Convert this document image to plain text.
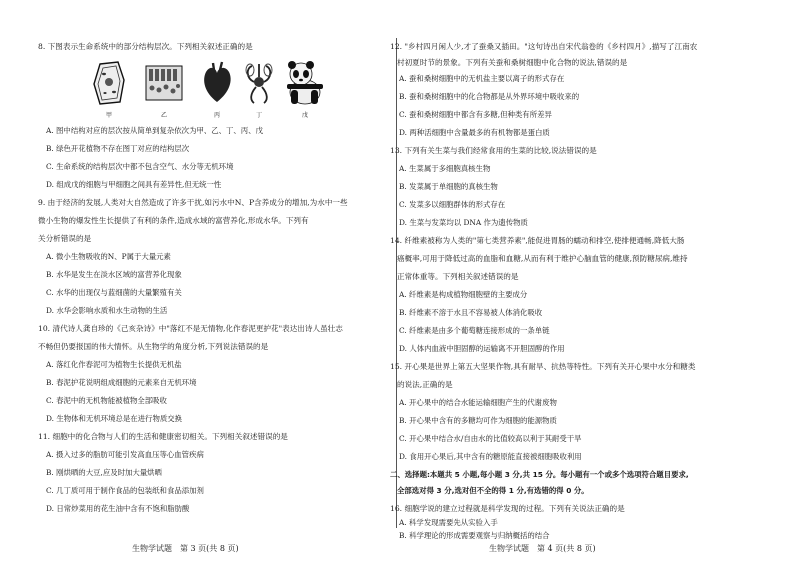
8. 下图表示生命系统中的部分结构层次。下列相关叙述正确的是
甲	乙	丙	丁	戊
A. 图中结构对应的层次按从简单到复杂依次为甲、乙、丁、丙、戊
B. 绿色开花植物不存在图丁对应的结构层次
C. 生命系统的结构层次中都不包含空气、水分等无机环境
D. 组成戊的细胞与甲细胞之间具有差异性,但无统一性
9. 由于经济的发展,人类对大自然造成了许多干扰,如污水中N、P含养成分的增加,为水中一些
微小生物的爆发性生长提供了有利的条件,造成水域的富营养化,形成水华。下列有
关分析错误的是
A. 微小生物吸收的N、P属于大量元素
B. 水华是发生在淡水区域的富营养化现象
C. 水华的出现仅与蓝细菌的大量繁殖有关
D. 水华会影响水质和水生动物的生活
10. 清代诗人龚自珍的《己亥杂诗》中"落红不是无情物,化作春泥更护花"表达出诗人虽壮志
不畅但仍要报国的伟大情怀。从生物学的角度分析,下列说法错误的是
A. 落红化作春泥可为植物生长提供无机盐
B. 春泥护花说明组成细胞的元素来自无机环境
C. 春泥中的无机物能被植物全部吸收
D. 生物体和无机环境总是在进行物质交换
11. 细胞中的化合物与人们的生活和健康密切相关。下列相关叙述错误的是
A. 摄入过多的脂肪可能引发高血压等心血管疾病
B. 刚烘晒的大豆,应及时加大量烘晒
C. 几丁质可用于制作食品的包装纸和食品添加剂
D. 日常炒菜用的花生油中含有不饱和脂肪酸
生物学试题　第 3 页(共 8 页)
12. "乡村四月闲人少,才了蚕桑又插田。"这句诗出自宋代翁卷的《乡村四月》,描写了江南农
村初夏时节的景象。下列有关蚕和桑树细胞中化合物的说法,错误的是
A. 蚕和桑树细胞中的无机盐主要以离子的形式存在
B. 蚕和桑树细胞中的化合物都是从外界环境中吸收来的
C. 蚕和桑树细胞中都含有多糖,但种类有所差异
D. 两种活细胞中含量最多的有机物都是蛋白质
13. 下列有关生菜与我们经常食用的生菜的比较,说法错误的是
A. 生菜属于多细胞真核生物
B. 发菜属于单细胞的真核生物
C. 发菜多以细胞群体的形式存在
D. 生菜与发菜均以 DNA 作为遗传物质
14. 纤维素被称为人类的"第七类营养素",能促进胃肠的蠕动和排空,使排便通畅,降低大肠
癌概率,可用于降低过高的血脂和血糖,从而有利于维护心脑血管的健康,预防糖尿病,维持
正常体重等。下列相关叙述错误的是
A. 纤维素是构成植物细胞壁的主要成分
B. 纤维素不溶于水且不容易被人体消化吸收
C. 纤维素是由多个葡萄糖连接形成的一条单链
D. 人体内血液中胆固醇的运输离不开胆固醇的作用
15. 开心果是世界上第五大坚果作物,具有耐旱、抗热等特性。下列有关开心果中水分和糖类
的说法,正确的是
A. 开心果中的结合水能运输细胞产生的代谢废物
B. 开心果中含有的多糖均可作为细胞的能源物质
C. 开心果中结合水/自由水的比值较高以利于其耐受干旱
D. 食用开心果后,其中含有的糖原能直接被细胞吸收利用
二、选择题:本题共 5 小题,每小题 3 分,共 15 分。每小题有一个或多个选项符合题目要求,
全部选对得 3 分,选对但不全的得 1 分,有选错的得 0 分。
16. 细胞学说的建立过程就是科学发现的过程。下列有关说法正确的是
A. 科学发现需要先从实验入手
B. 科学理论的形成需要观察与归纳概括的结合
生物学试题　第 4 页(共 8 页)
